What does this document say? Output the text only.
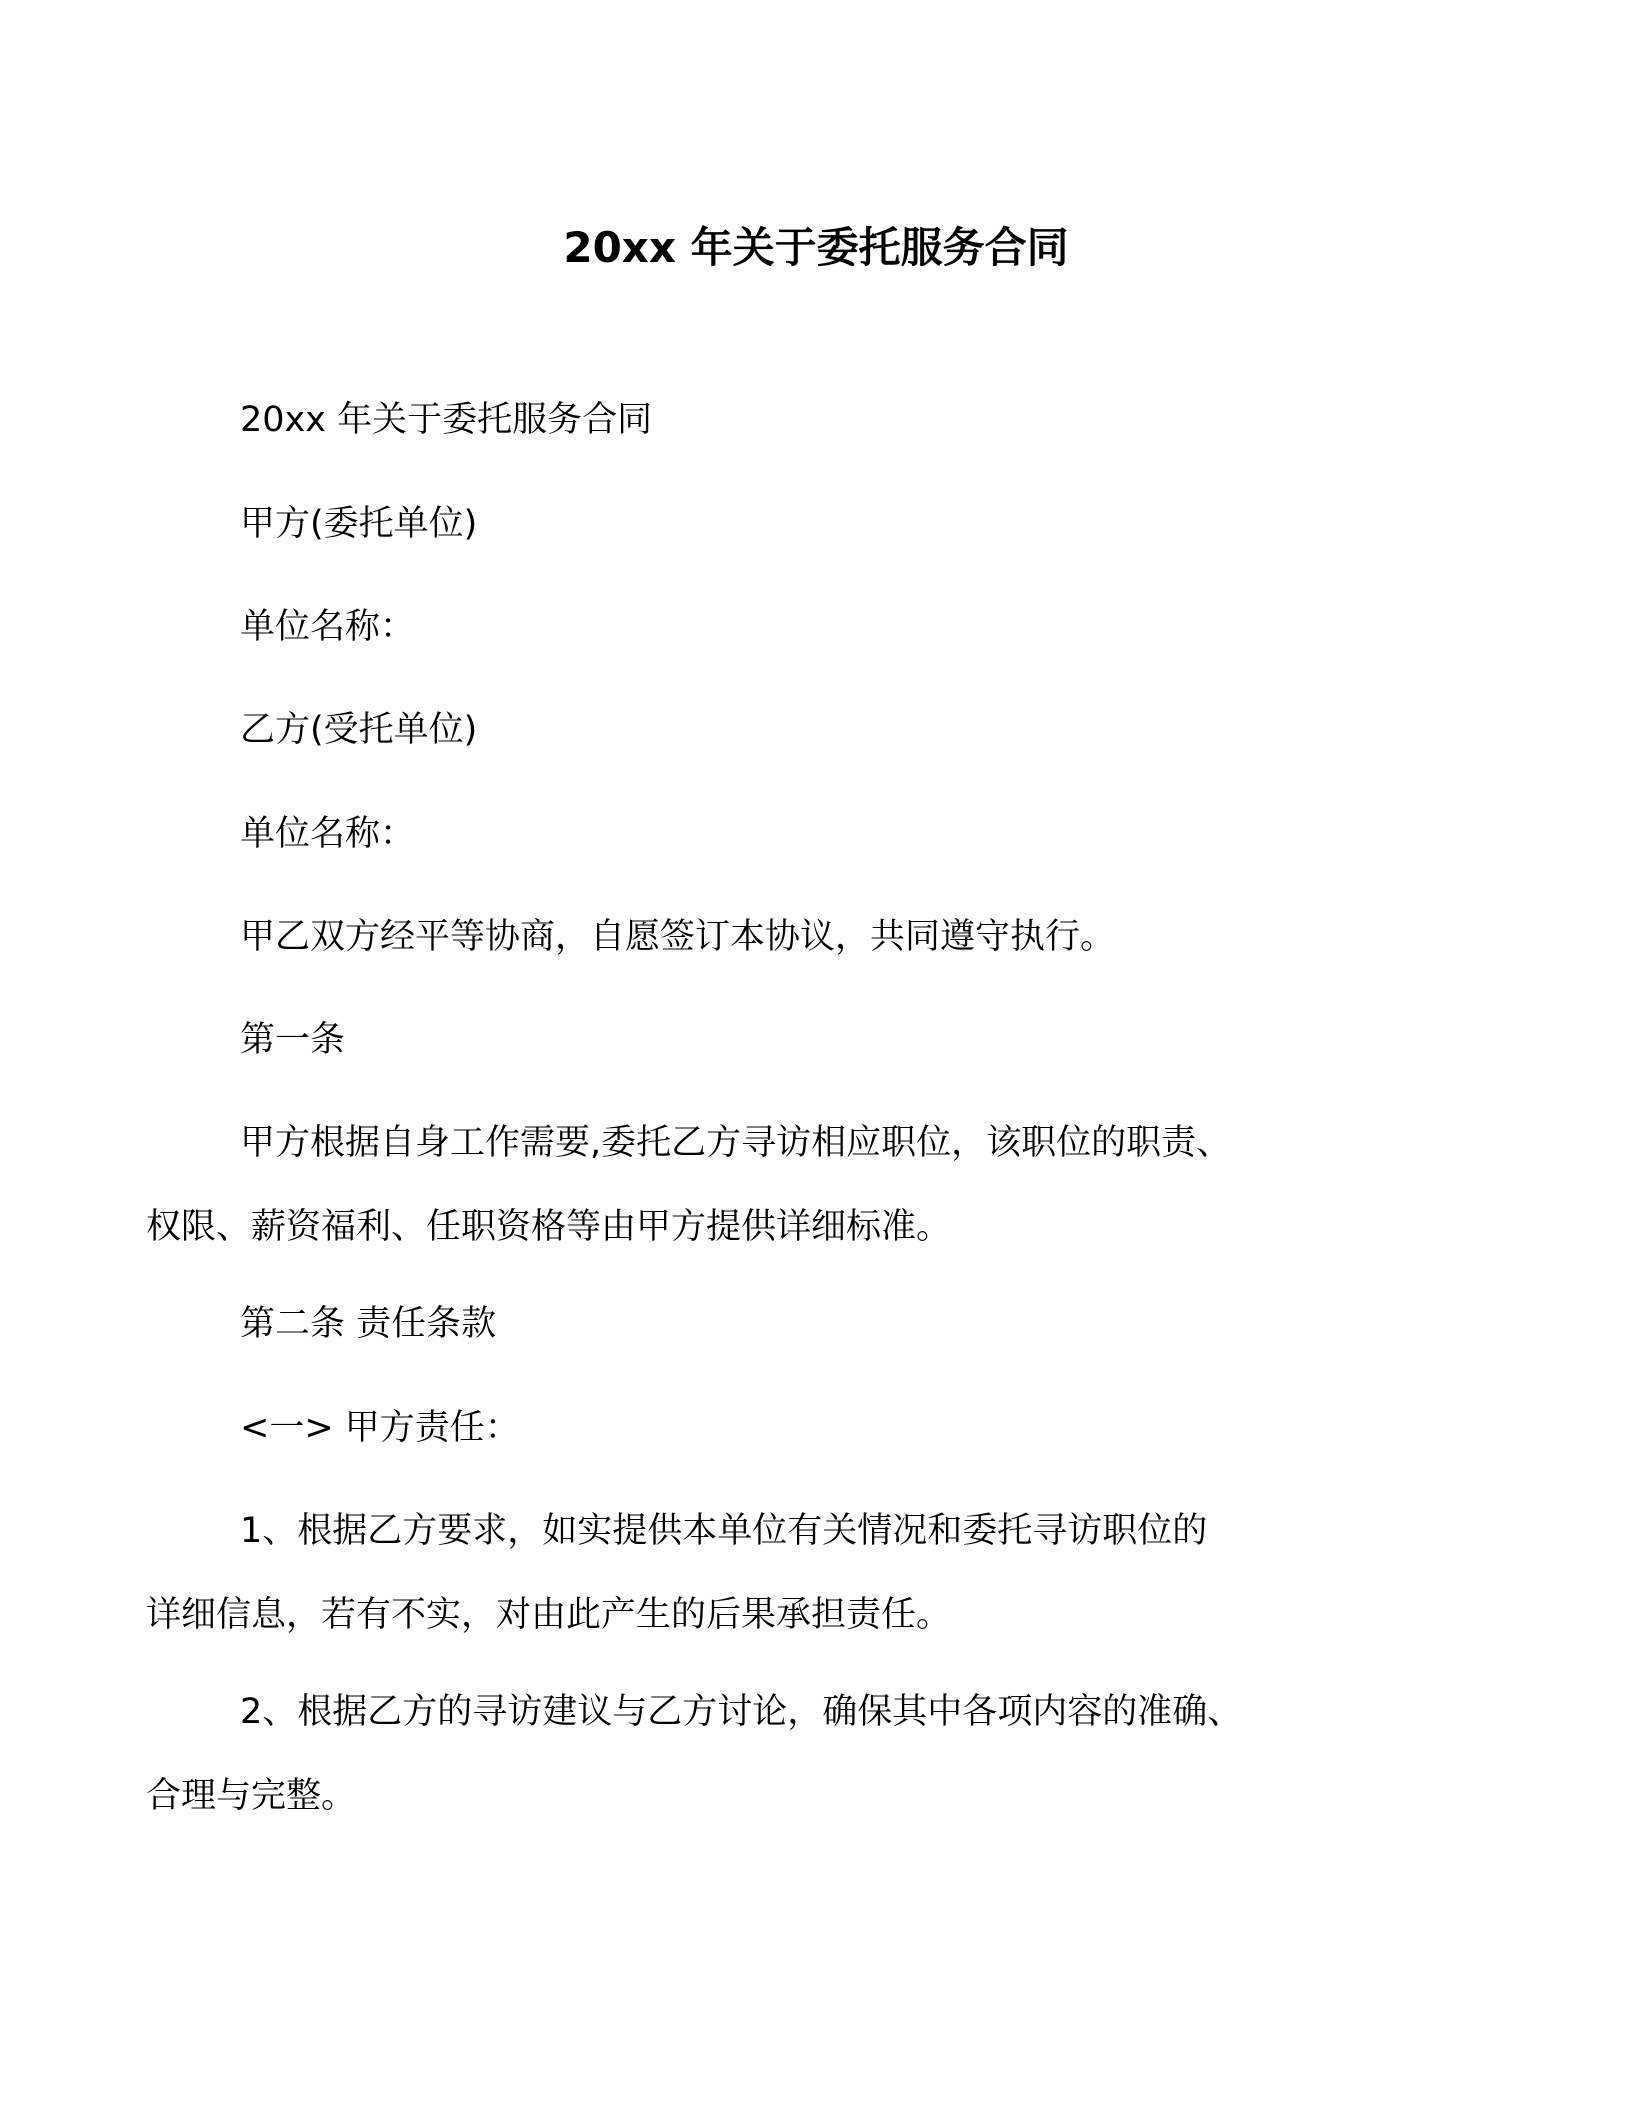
20xx 年关于委托服务合同

20xx 年关于委托服务合同

甲方(委托单位)

单位名称：

乙方(受托单位)

单位名称：

甲乙双方经平等协商，自愿签订本协议，共同遵守执行。

第一条

甲方根据自身工作需要,委托乙方寻访相应职位，该职位的职责、
权限、薪资福利、任职资格等由甲方提供详细标准。

第二条 责任条款

<一> 甲方责任：

1、根据乙方要求，如实提供本单位有关情况和委托寻访职位的
详细信息，若有不实，对由此产生的后果承担责任。

2、根据乙方的寻访建议与乙方讨论，确保其中各项内容的准确、
合理与完整。
